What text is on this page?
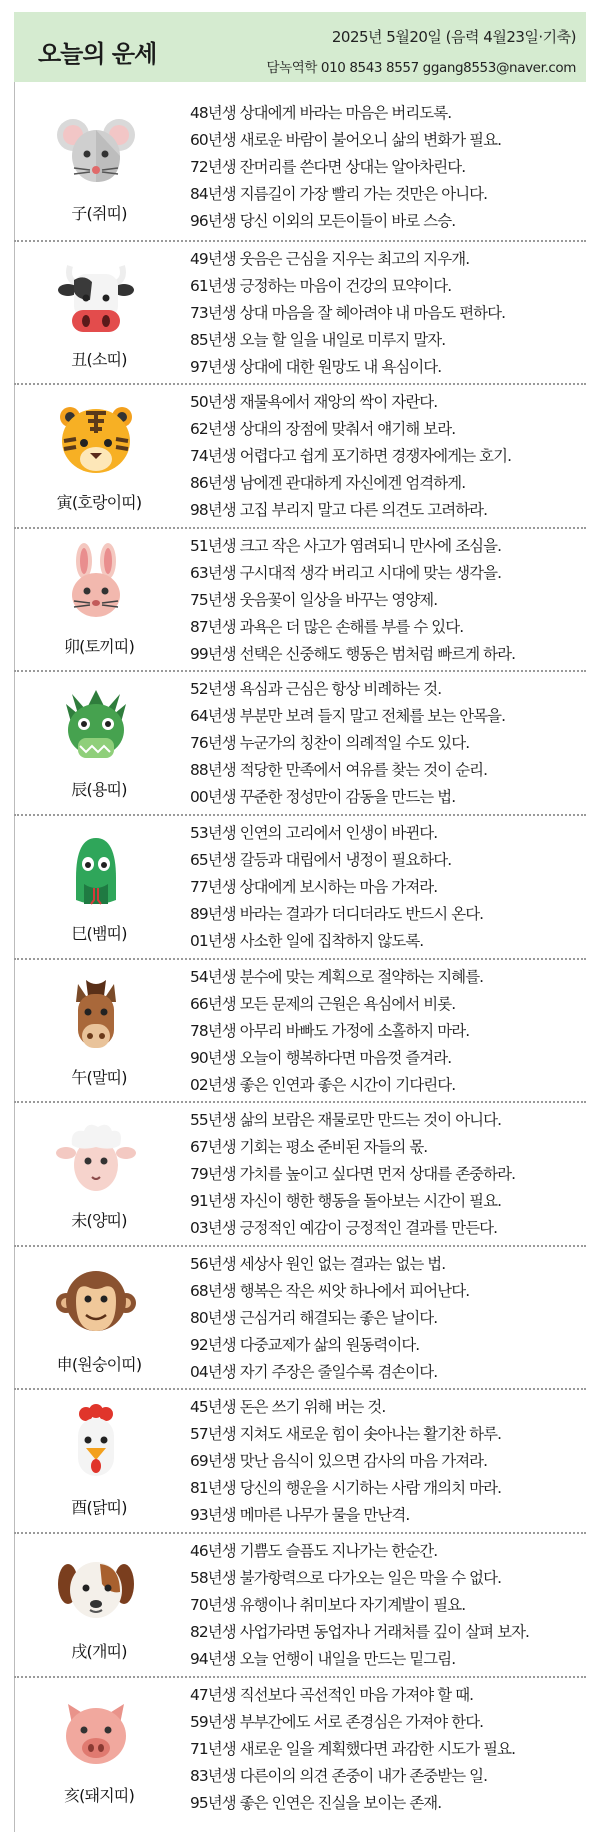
오늘의 운세
2025년 5월20일 (음력 4월23일·기축)
담녹역학 010 8543 8557 ggang8553@naver.com
子(쥐띠)
48년생 상대에게 바라는 마음은 버리도록.
60년생 새로운 바람이 불어오니 삶의 변화가 필요.
72년생 잔머리를 쓴다면 상대는 알아차린다.
84년생 지름길이 가장 빨리 가는 것만은 아니다.
96년생 당신 이외의 모든이들이 바로 스승.
丑(소띠)
49년생 웃음은 근심을 지우는 최고의 지우개.
61년생 긍정하는 마음이 건강의 묘약이다.
73년생 상대 마음을 잘 헤아려야 내 마음도 편하다.
85년생 오늘 할 일을 내일로 미루지 말자.
97년생 상대에 대한 원망도 내 욕심이다.
寅(호랑이띠)
50년생 재물욕에서 재앙의 싹이 자란다.
62년생 상대의 장점에 맞춰서 얘기해 보라.
74년생 어렵다고 쉽게 포기하면 경쟁자에게는 호기.
86년생 남에겐 관대하게 자신에겐 엄격하게.
98년생 고집 부리지 말고 다른 의견도 고려하라.
卯(토끼띠)
51년생 크고 작은 사고가 염려되니 만사에 조심을.
63년생 구시대적 생각 버리고 시대에 맞는 생각을.
75년생 웃음꽃이 일상을 바꾸는 영양제.
87년생 과욕은 더 많은 손해를 부를 수 있다.
99년생 선택은 신중해도 행동은 범처럼 빠르게 하라.
辰(용띠)
52년생 욕심과 근심은 항상 비례하는 것.
64년생 부분만 보려 들지 말고 전체를 보는 안목을.
76년생 누군가의 칭찬이 의례적일 수도 있다.
88년생 적당한 만족에서 여유를 찾는 것이 순리.
00년생 꾸준한 정성만이 감동을 만드는 법.
巳(뱀띠)
53년생 인연의 고리에서 인생이 바뀐다.
65년생 갈등과 대립에서 냉정이 필요하다.
77년생 상대에게 보시하는 마음 가져라.
89년생 바라는 결과가 더디더라도 반드시 온다.
01년생 사소한 일에 집착하지 않도록.
午(말띠)
54년생 분수에 맞는 계획으로 절약하는 지혜를.
66년생 모든 문제의 근원은 욕심에서 비롯.
78년생 아무리 바빠도 가정에 소홀하지 마라.
90년생 오늘이 행복하다면 마음껏 즐겨라.
02년생 좋은 인연과 좋은 시간이 기다린다.
未(양띠)
55년생 삶의 보람은 재물로만 만드는 것이 아니다.
67년생 기회는 평소 준비된 자들의 몫.
79년생 가치를 높이고 싶다면 먼저 상대를 존중하라.
91년생 자신이 행한 행동을 돌아보는 시간이 필요.
03년생 긍정적인 예감이 긍정적인 결과를 만든다.
申(원숭이띠)
56년생 세상사 원인 없는 결과는 없는 법.
68년생 행복은 작은 씨앗 하나에서 피어난다.
80년생 근심거리 해결되는 좋은 날이다.
92년생 다중교제가 삶의 원동력이다.
04년생 자기 주장은 줄일수록 겸손이다.
酉(닭띠)
45년생 돈은 쓰기 위해 버는 것.
57년생 지쳐도 새로운 힘이 솟아나는 활기찬 하루.
69년생 맛난 음식이 있으면 감사의 마음 가져라.
81년생 당신의 행운을 시기하는 사람 개의치 마라.
93년생 메마른 나무가 물을 만난격.
戌(개띠)
46년생 기쁨도 슬픔도 지나가는 한순간.
58년생 불가항력으로 다가오는 일은 막을 수 없다.
70년생 유행이나 취미보다 자기계발이 필요.
82년생 사업가라면 동업자나 거래처를 깊이 살펴 보자.
94년생 오늘 언행이 내일을 만드는 밑그림.
亥(돼지띠)
47년생 직선보다 곡선적인 마음 가져야 할 때.
59년생 부부간에도 서로 존경심은 가져야 한다.
71년생 새로운 일을 계획했다면 과감한 시도가 필요.
83년생 다른이의 의견 존중이 내가 존중받는 일.
95년생 좋은 인연은 진실을 보이는 존재.
